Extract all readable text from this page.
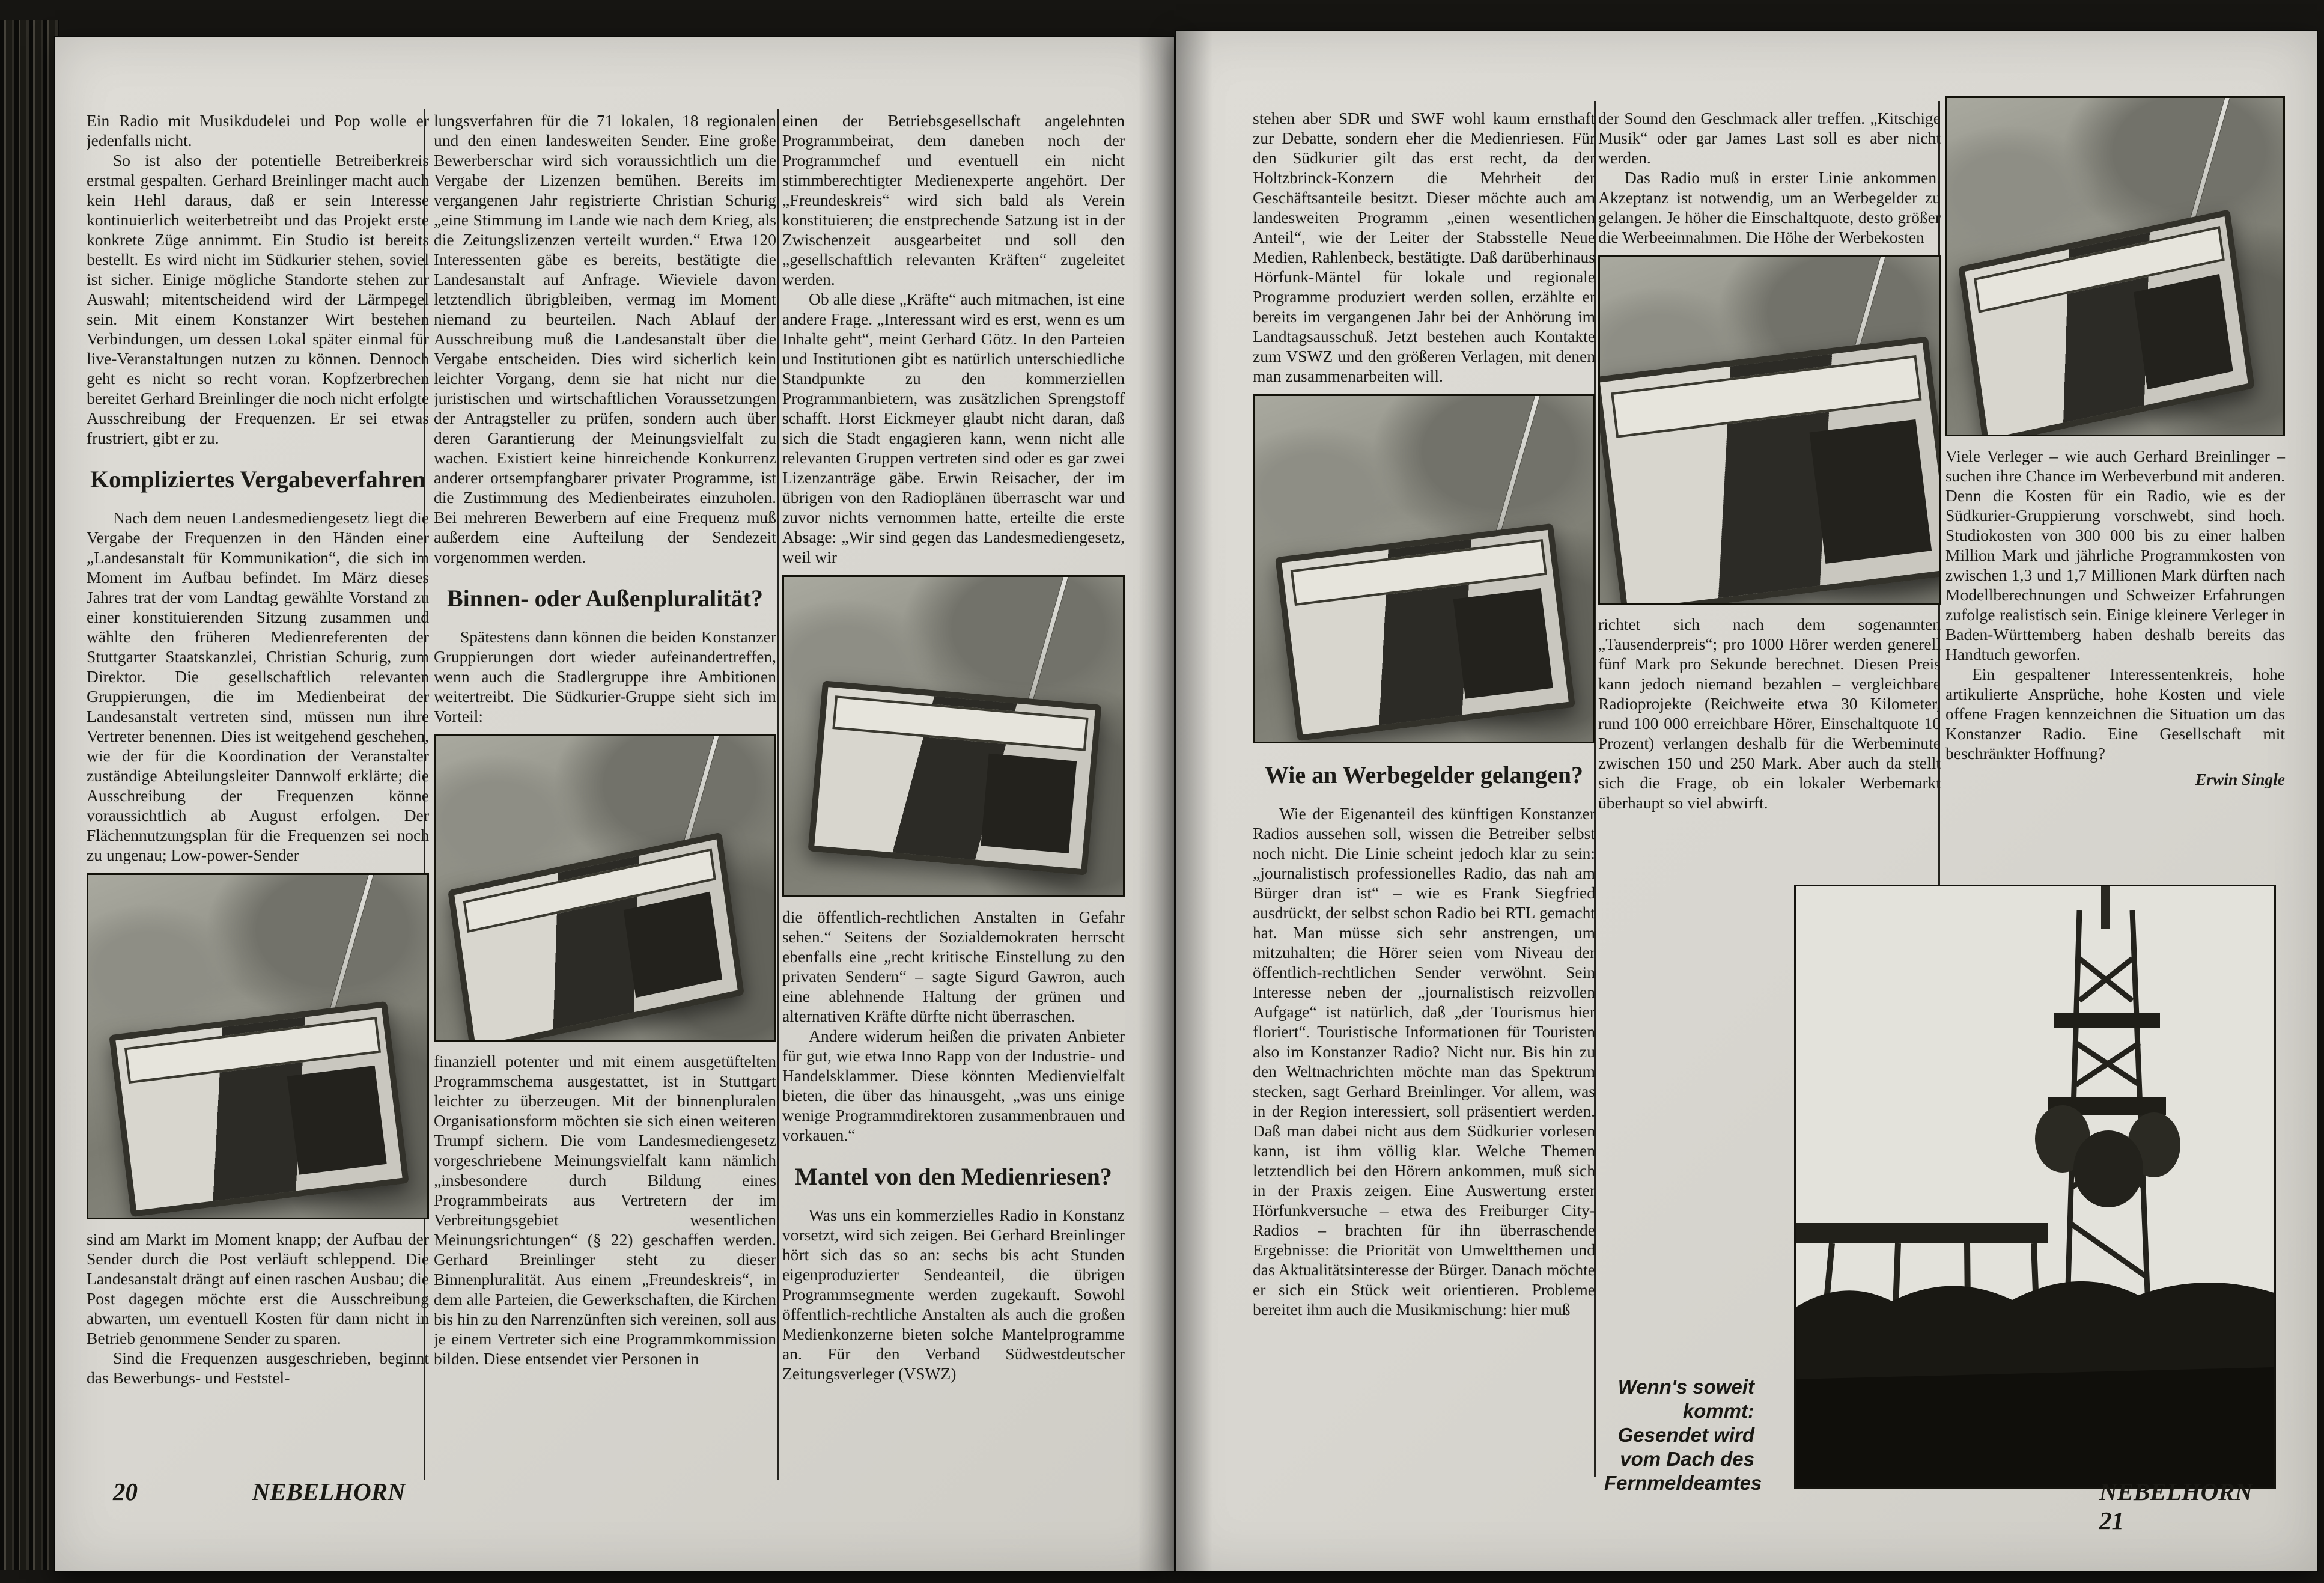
Ein Radio mit Musikdudelei und Pop wolle er jedenfalls nicht.

So ist also der potentielle Betreiberkreis erstmal gespalten. Gerhard Breinlinger macht auch kein Hehl daraus, daß er sein Interesse kontinuierlich weiterbetreibt und das Projekt erste konkrete Züge annimmt. Ein Studio ist bereits bestellt. Es wird nicht im Südkurier stehen, soviel ist sicher. Einige mögliche Standorte stehen zur Auswahl; mitentscheidend wird der Lärmpegel sein. Mit einem Konstanzer Wirt bestehen Verbindungen, um dessen Lokal später einmal für live-Veranstaltungen nutzen zu können. Dennoch geht es nicht so recht voran. Kopfzerbrechen bereitet Gerhard Breinlinger die noch nicht erfolgte Ausschreibung der Frequenzen. Er sei etwas frustriert, gibt er zu.

Kompliziertes Vergabeverfahren

Nach dem neuen Landesmediengesetz liegt die Vergabe der Frequenzen in den Händen einer „Landesanstalt für Kommunikation“, die sich im Moment im Aufbau befindet. Im März dieses Jahres trat der vom Landtag gewählte Vorstand zu einer konstituierenden Sitzung zusammen und wählte den früheren Medienreferenten der Stuttgarter Staatskanzlei, Christian Schurig, zum Direktor. Die gesellschaftlich relevanten Gruppierungen, die im Medienbeirat der Landesanstalt vertreten sind, müssen nun ihre Vertreter benennen. Dies ist weitgehend geschehen, wie der für die Koordination der Veranstalter zuständige Abteilungsleiter Dannwolf erklärte; die Ausschreibung der Frequenzen könne voraussichtlich ab August erfolgen. Der Flächennutzungsplan für die Frequenzen sei noch zu ungenau; Low-power-Sender

sind am Markt im Moment knapp; der Aufbau der Sender durch die Post verläuft schleppend. Die Landesanstalt drängt auf einen raschen Ausbau; die Post dagegen möchte erst die Ausschreibung abwarten, um eventuell Kosten für dann nicht in Betrieb genommene Sender zu sparen.

Sind die Frequenzen ausgeschrieben, beginnt das Bewerbungs- und Feststel-

lungsverfahren für die 71 lokalen, 18 regionalen und den einen landesweiten Sender. Eine große Bewerberschar wird sich voraussichtlich um die Vergabe der Lizenzen bemühen. Bereits im vergangenen Jahr registrierte Christian Schurig „eine Stimmung im Lande wie nach dem Krieg, als die Zeitungslizenzen verteilt wurden.“ Etwa 120 Interessenten gäbe es bereits, bestätigte die Landesanstalt auf Anfrage. Wieviele davon letztendlich übrigbleiben, vermag im Moment niemand zu beurteilen. Nach Ablauf der Ausschreibung muß die Landesanstalt über die Vergabe entscheiden. Dies wird sicherlich kein leichter Vorgang, denn sie hat nicht nur die juristischen und wirtschaftlichen Voraussetzungen der Antragsteller zu prüfen, sondern auch über deren Garantierung der Meinungsvielfalt zu wachen. Existiert keine hinreichende Konkurrenz anderer ortsempfangbarer privater Programme, ist die Zustimmung des Medienbeirates einzuholen. Bei mehreren Bewerbern auf eine Frequenz muß außerdem eine Aufteilung der Sendezeit vorgenommen werden.

Binnen- oder Außenpluralität?

Spätestens dann können die beiden Konstanzer Gruppierungen dort wieder aufeinandertreffen, wenn auch die Stadlergruppe ihre Ambitionen weitertreibt. Die Südkurier-Gruppe sieht sich im Vorteil:

finanziell potenter und mit einem ausgetüftelten Programmschema ausgestattet, ist in Stuttgart leichter zu überzeugen. Mit der binnenpluralen Organisationsform möchten sie sich einen weiteren Trumpf sichern. Die vom Landesmediengesetz vorgeschriebene Meinungsvielfalt kann nämlich „insbesondere durch Bildung eines Programmbeirats aus Vertretern der im Verbreitungsgebiet wesentlichen Meinungsrichtungen“ (§ 22) geschaffen werden. Gerhard Breinlinger steht zu dieser Binnenpluralität. Aus einem „Freundeskreis“, in dem alle Parteien, die Gewerkschaften, die Kirchen bis hin zu den Narrenzünften sich vereinen, soll aus je einem Vertreter sich eine Programmkommission bilden. Diese entsendet vier Personen in

einen der Betriebsgesellschaft angelehnten Programmbeirat, dem daneben noch der Programmchef und eventuell ein nicht stimmberechtigter Medienexperte angehört. Der „Freundeskreis“ wird sich bald als Verein konstituieren; die enstprechende Satzung ist in der Zwischenzeit ausgearbeitet und soll den „gesellschaftlich relevanten Kräften“ zugeleitet werden.

Ob alle diese „Kräfte“ auch mitmachen, ist eine andere Frage. „Interessant wird es erst, wenn es um Inhalte geht“, meint Gerhard Götz. In den Parteien und Institutionen gibt es natürlich unterschiedliche Standpunkte zu den kommerziellen Programmanbietern, was zusätzlichen Sprengstoff schafft. Horst Eickmeyer glaubt nicht daran, daß sich die Stadt engagieren kann, wenn nicht alle relevanten Gruppen vertreten sind oder es gar zwei Lizenzanträge gäbe. Erwin Reisacher, der im übrigen von den Radioplänen überrascht war und zuvor nichts vernommen hatte, erteilte die erste Absage: „Wir sind gegen das Landesmediengesetz, weil wir

die öffentlich-rechtlichen Anstalten in Gefahr sehen.“ Seitens der Sozialdemokraten herrscht ebenfalls eine „recht kritische Einstellung zu den privaten Sendern“ – sagte Sigurd Gawron, auch eine ablehnende Haltung der grünen und alternativen Kräfte dürfte nicht überraschen.

Andere widerum heißen die privaten Anbieter für gut, wie etwa Inno Rapp von der Industrie- und Handelsklammer. Diese könnten Medienvielfalt bieten, die über das hinausgeht, „was uns einige wenige Programmdirektoren zusammenbrauen und vorkauen.“

Mantel von den Medienriesen?

Was uns ein kommerzielles Radio in Konstanz vorsetzt, wird sich zeigen. Bei Gerhard Breinlinger hört sich das so an: sechs bis acht Stunden eigenproduzierter Sendeanteil, die übrigen Programmsegmente werden zugekauft. Sowohl öffentlich-rechtliche Anstalten als auch die großen Medienkonzerne bieten solche Mantelprogramme an. Für den Verband Südwestdeutscher Zeitungsverleger (VSWZ)

20	NEBELHORN

stehen aber SDR und SWF wohl kaum ernsthaft zur Debatte, sondern eher die Medienriesen. Für den Südkurier gilt das erst recht, da der Holtzbrinck-Konzern die Mehrheit der Geschäftsanteile besitzt. Dieser möchte auch am landesweiten Programm „einen wesentlichen Anteil“, wie der Leiter der Stabsstelle Neue Medien, Rahlenbeck, bestätigte. Daß darüberhinaus Hörfunk-Mäntel für lokale und regionale Programme produziert werden sollen, erzählte er bereits im vergangenen Jahr bei der Anhörung im Landtagsausschuß. Jetzt bestehen auch Kontakte zum VSWZ und den größeren Verlagen, mit denen man zusammenarbeiten will.

Wie an Werbegelder gelangen?

Wie der Eigenanteil des künftigen Konstanzer Radios aussehen soll, wissen die Betreiber selbst noch nicht. Die Linie scheint jedoch klar zu sein: „journalistisch professionelles Radio, das nah am Bürger dran ist“ – wie es Frank Siegfried ausdrückt, der selbst schon Radio bei RTL gemacht hat. Man müsse sich sehr anstrengen, um mitzuhalten; die Hörer seien vom Niveau der öffentlich-rechtlichen Sender verwöhnt. Sein Interesse neben der „journalistisch reizvollen Aufgage“ ist natürlich, daß „der Tourismus hier floriert“. Touristische Informationen für Touristen also im Konstanzer Radio? Nicht nur. Bis hin zu den Weltnachrichten möchte man das Spektrum stecken, sagt Gerhard Breinlinger. Vor allem, was in der Region interessiert, soll präsentiert werden. Daß man dabei nicht aus dem Südkurier vorlesen kann, ist ihm völlig klar. Welche Themen letztendlich bei den Hörern ankommen, muß sich in der Praxis zeigen. Eine Auswertung erster Hörfunkversuche – etwa des Freiburger City-Radios – brachten für ihn überraschende Ergebnisse: die Priorität von Umweltthemen und das Aktualitätsinteresse der Bürger. Danach möchte er sich ein Stück weit orientieren. Probleme bereitet ihm auch die Musikmischung: hier muß

der Sound den Geschmack aller treffen. „Kitschige Musik“ oder gar James Last soll es aber nicht werden.

Das Radio muß in erster Linie ankommen. Akzeptanz ist notwendig, um an Werbegelder zu gelangen. Je höher die Einschaltquote, desto größer die Werbeeinnahmen. Die Höhe der Werbekosten

richtet sich nach dem sogenannten „Tausenderpreis“; pro 1000 Hörer werden generell fünf Mark pro Sekunde berechnet. Diesen Preis kann jedoch niemand bezahlen – vergleichbare Radioprojekte (Reichweite etwa 30 Kilometer, rund 100 000 erreichbare Hörer, Einschaltquote 10 Prozent) verlangen deshalb für die Werbeminute zwischen 150 und 250 Mark. Aber auch da stellt sich die Frage, ob ein lokaler Werbemarkt überhaupt so viel abwirft.

Viele Verleger – wie auch Gerhard Breinlinger – suchen ihre Chance im Werbeverbund mit anderen. Denn die Kosten für ein Radio, wie es der Südkurier-Gruppierung vorschwebt, sind hoch. Studiokosten von 300 000 bis zu einer halben Million Mark und jährliche Programmkosten von zwischen 1,3 und 1,7 Millionen Mark dürften nach Modellberechnungen und Schweizer Erfahrungen zufolge realistisch sein. Einige kleinere Verleger in Baden-Württemberg haben deshalb bereits das Handtuch geworfen.

Ein gespaltener Interessentenkreis, hohe artikulierte Ansprüche, hohe Kosten und viele offene Fragen kennzeichnen die Situation um das Konstanzer Radio. Eine Gesellschaft mit beschränkter Hoffnung?

Erwin Single

Wenn's soweit kommt: Gesendet wird vom Dach des Fernmeldeamtes	NEBELHORN  21
